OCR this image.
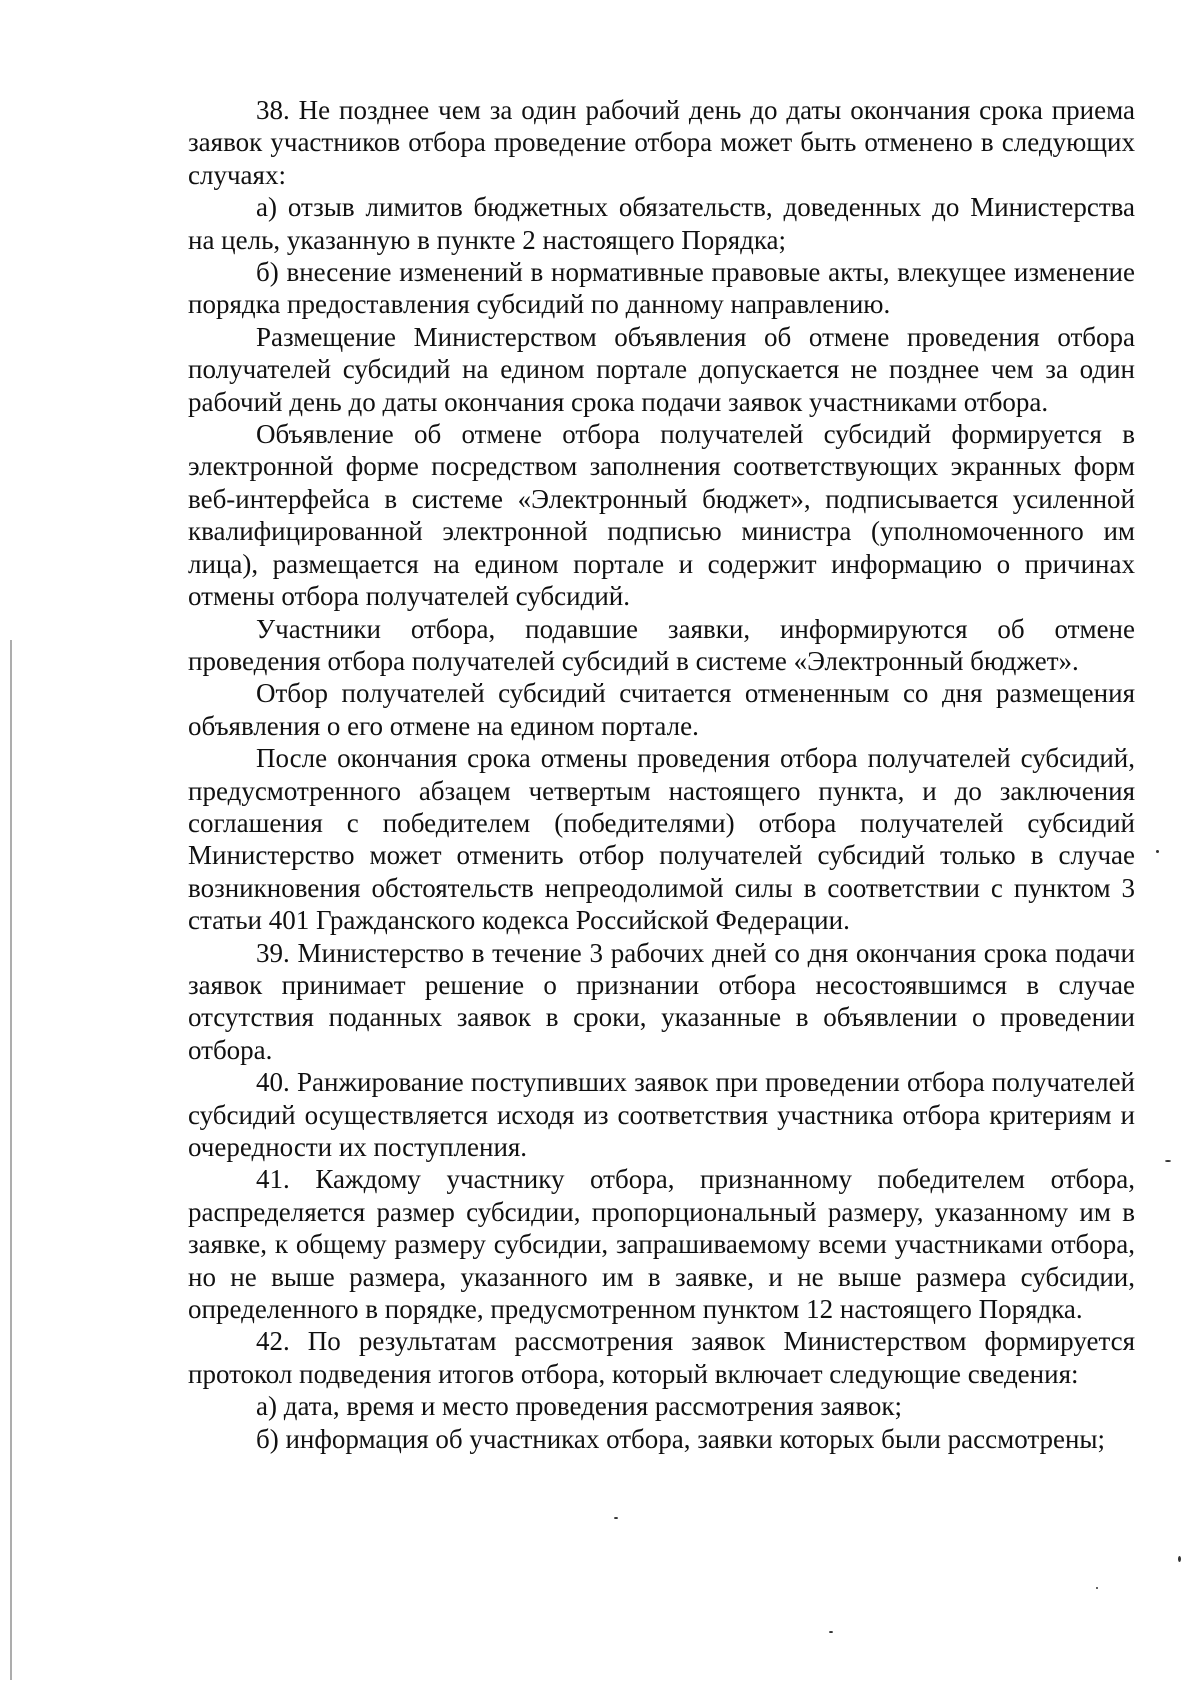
38. Не позднее чем за один рабочий день до даты окончания срока приема заявок участников отбора проведение отбора может быть отменено в следующих случаях:

а) отзыв лимитов бюджетных обязательств, доведенных до Министерства на цель, указанную в пункте 2 настоящего Порядка;

б) внесение изменений в нормативные правовые акты, влекущее изменение порядка предоставления субсидий по данному направлению.

Размещение Министерством объявления об отмене проведения отбора получателей субсидий на едином портале допускается не позднее чем за один рабочий день до даты окончания срока подачи заявок участниками отбора.

Объявление об отмене отбора получателей субсидий формируется в электронной форме посредством заполнения соответствующих экранных форм веб-интерфейса в системе «Электронный бюджет», подписывается усиленной квалифицированной электронной подписью министра (уполномоченного им лица), размещается на едином портале и содержит информацию о причинах отмены отбора получателей субсидий.

Участники отбора, подавшие заявки, информируются об отмене проведения отбора получателей субсидий в системе «Электронный бюджет».

Отбор получателей субсидий считается отмененным со дня размещения объявления о его отмене на едином портале.

После окончания срока отмены проведения отбора получателей субсидий, предусмотренного абзацем четвертым настоящего пункта, и до заключения соглашения с победителем (победителями) отбора получателей субсидий Министерство может отменить отбор получателей субсидий только в случае возникновения обстоятельств непреодолимой силы в соответствии с пунктом 3 статьи 401 Гражданского кодекса Российской Федерации.

39. Министерство в течение 3 рабочих дней со дня окончания срока подачи заявок принимает решение о признании отбора несостоявшимся в случае отсутствия поданных заявок в сроки, указанные в объявлении о проведении отбора.

40. Ранжирование поступивших заявок при проведении отбора получателей субсидий осуществляется исходя из соответствия участника отбора критериям и очередности их поступления.

41. Каждому участнику отбора, признанному победителем отбора, распределяется размер субсидии, пропорциональный размеру, указанному им в заявке, к общему размеру субсидии, запрашиваемому всеми участниками отбора, но не выше размера, указанного им в заявке, и не выше размера субсидии, определенного в порядке, предусмотренном пунктом 12 настоящего Порядка.

42. По результатам рассмотрения заявок Министерством формируется протокол подведения итогов отбора, который включает следующие сведения:

а) дата, время и место проведения рассмотрения заявок;

б) информация об участниках отбора, заявки которых были рассмотрены;
